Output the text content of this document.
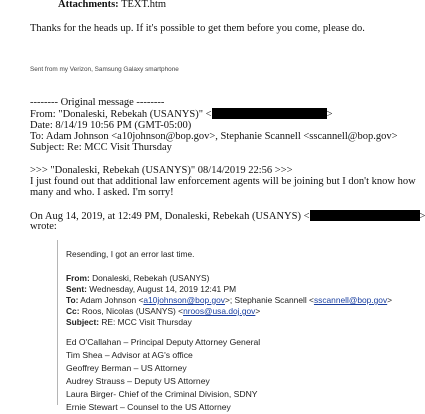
Attachments: TEXT.htm
Thanks for the heads up. If it's possible to get them before you come, please do.
Sent from my Verizon, Samsung Galaxy smartphone
-------- Original message --------
From: "Donaleski, Rebekah (USANYS)" <	>
Date: 8/14/19 10:56 PM (GMT-05:00)
To: Adam Johnson <a10johnson@bop.gov>, Stephanie Scannell <sscannell@bop.gov>
Subject: Re: MCC Visit Thursday
>>> "Donaleski, Rebekah (USANYS)" 08/14/2019 22:56 >>>
I just found out that additional law enforcement agents will be joining but I don't know how
many and who. I asked. I'm sorry!
On Aug 14, 2019, at 12:49 PM, Donaleski, Rebekah (USANYS) <	>
wrote:
Resending, I got an error last time.
From: Donaleski, Rebekah (USANYS)
Sent: Wednesday, August 14, 2019 12:41 PM
To: Adam Johnson <a10johnson@bop.gov>; Stephanie Scannell <sscannell@bop.gov>
Cc: Roos, Nicolas (USANYS) <nroos@usa.doj.gov>
Subject: RE: MCC Visit Thursday
Ed O'Callahan – Principal Deputy Attorney General
Tim Shea – Advisor at AG's office
Geoffrey Berman – US Attorney
Audrey Strauss – Deputy US Attorney
Laura Birger- Chief of the Criminal Division, SDNY
Ernie Stewart – Counsel to the US Attorney
